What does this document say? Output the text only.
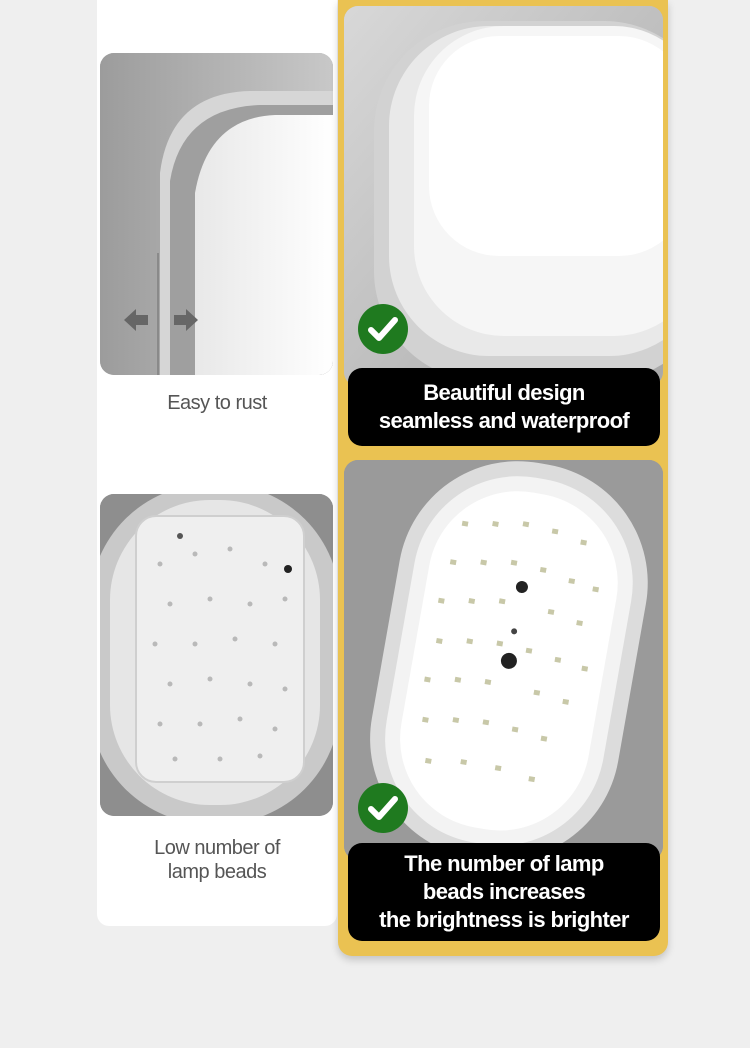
Easy to rust
Low number of
lamp beads
Beautiful design
seamless and waterproof
The number of lamp
beads increases
the brightness is brighter
